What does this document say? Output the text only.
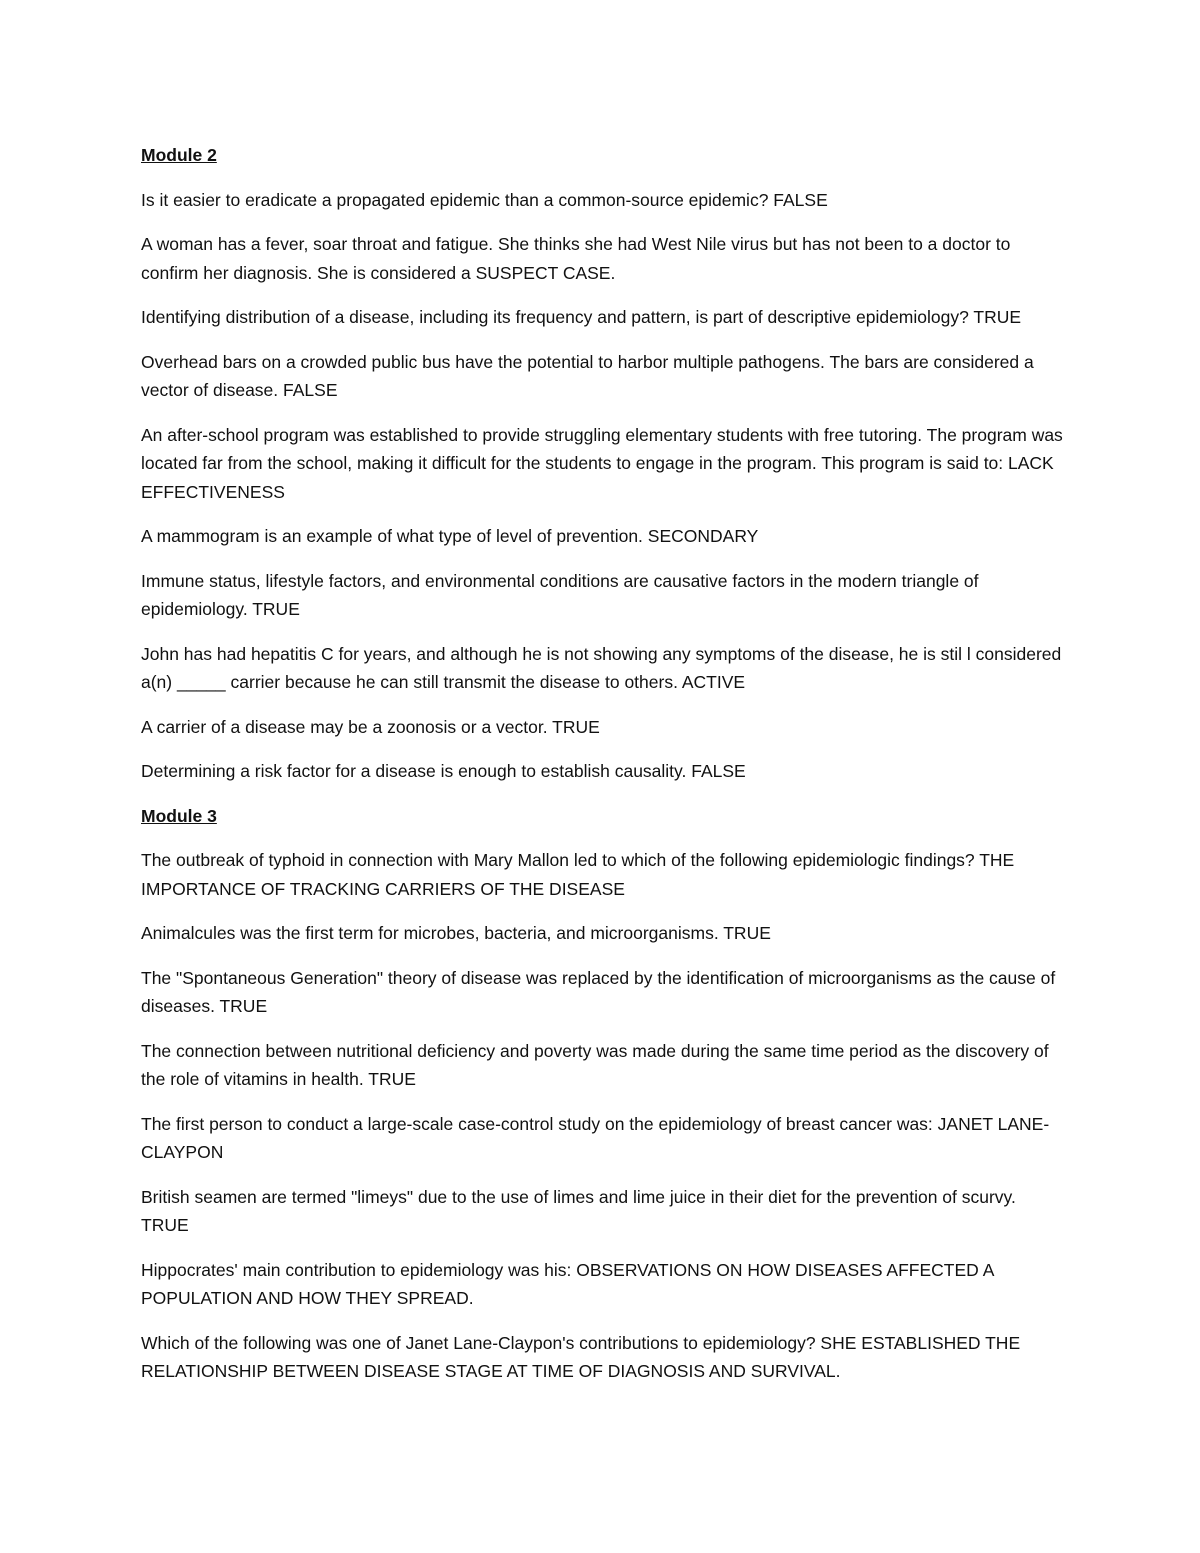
Module 2
Is it easier to eradicate a propagated epidemic than a common-source epidemic? FALSE
A woman has a fever, soar throat and fatigue. She thinks she had West Nile virus but has not been to a doctor to confirm her diagnosis. She is considered a SUSPECT CASE.
Identifying distribution of a disease, including its frequency and pattern, is part of descriptive epidemiology? TRUE
Overhead bars on a crowded public bus have the potential to harbor multiple pathogens. The bars are considered a vector of disease. FALSE
An after-school program was established to provide struggling elementary students with free tutoring. The program was located far from the school, making it difficult for the students to engage in the program. This program is said to: LACK EFFECTIVENESS
A mammogram is an example of what type of level of prevention. SECONDARY
Immune status, lifestyle factors, and environmental conditions are causative factors in the modern triangle of epidemiology. TRUE
John has had hepatitis C for years, and although he is not showing any symptoms of the disease, he is stil l considered a(n) _____ carrier because he can still transmit the disease to others. ACTIVE
A carrier of a disease may be a zoonosis or a vector. TRUE
Determining a risk factor for a disease is enough to establish causality. FALSE
Module 3
The outbreak of typhoid in connection with Mary Mallon led to which of the following epidemiologic findings? THE IMPORTANCE OF TRACKING CARRIERS OF THE DISEASE
Animalcules was the first term for microbes, bacteria, and microorganisms. TRUE
The "Spontaneous Generation" theory of disease was replaced by the identification of microorganisms as the cause of diseases. TRUE
The connection between nutritional deficiency and poverty was made during the same time period as the discovery of the role of vitamins in health. TRUE
The first person to conduct a large-scale case-control study on the epidemiology of breast cancer was: JANET LANE-CLAYPON
British seamen are termed "limeys" due to the use of limes and lime juice in their diet for the prevention of scurvy. TRUE
Hippocrates' main contribution to epidemiology was his: OBSERVATIONS ON HOW DISEASES AFFECTED A POPULATION AND HOW THEY SPREAD.
Which of the following was one of Janet Lane-Claypon's contributions to epidemiology? SHE ESTABLISHED THE RELATIONSHIP BETWEEN DISEASE STAGE AT TIME OF DIAGNOSIS AND SURVIVAL.
